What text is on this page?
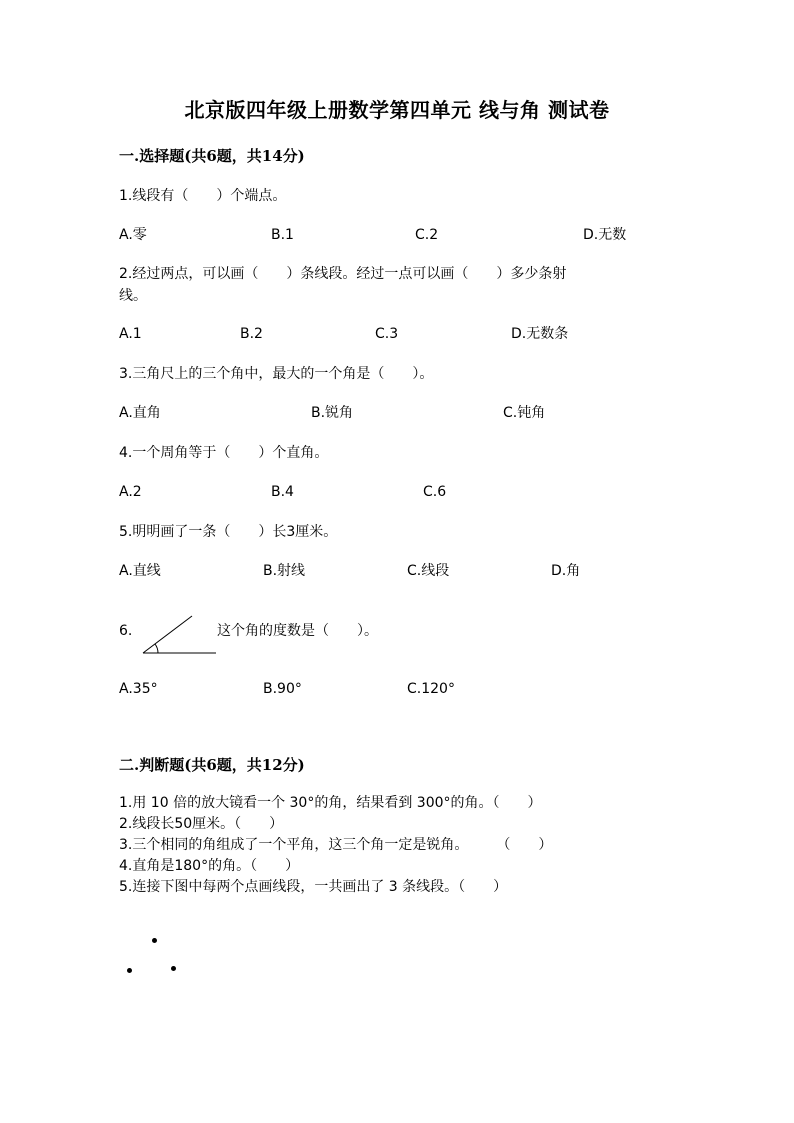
北京版四年级上册数学第四单元 线与角 测试卷
一.选择题(共6题，共14分)
1.线段有（　　）个端点。
A.零	B.1	C.2	D.无数
2.经过两点，可以画（　　）条线段。经过一点可以画（　　）多少条射
线。
A.1	B.2	C.3	D.无数条
3.三角尺上的三个角中，最大的一个角是（　　）。
A.直角	B.锐角	C.钝角
4.一个周角等于（　　）个直角。
A.2	B.4	C.6
5.明明画了一条（　　）长3厘米。
A.直线	B.射线	C.线段	D.角
6.	这个角的度数是（　　）。
A.35°	B.90°	C.120°
二.判断题(共6题，共12分)
1.用 10 倍的放大镜看一个 30°的角，结果看到 300°的角。（　　）
2.线段长50厘米。（　　）
3.三个相同的角组成了一个平角，这三个角一定是锐角。　　　（　　）
4.直角是180°的角。（　　）
5.连接下图中每两个点画线段，一共画出了 3 条线段。（　　）
